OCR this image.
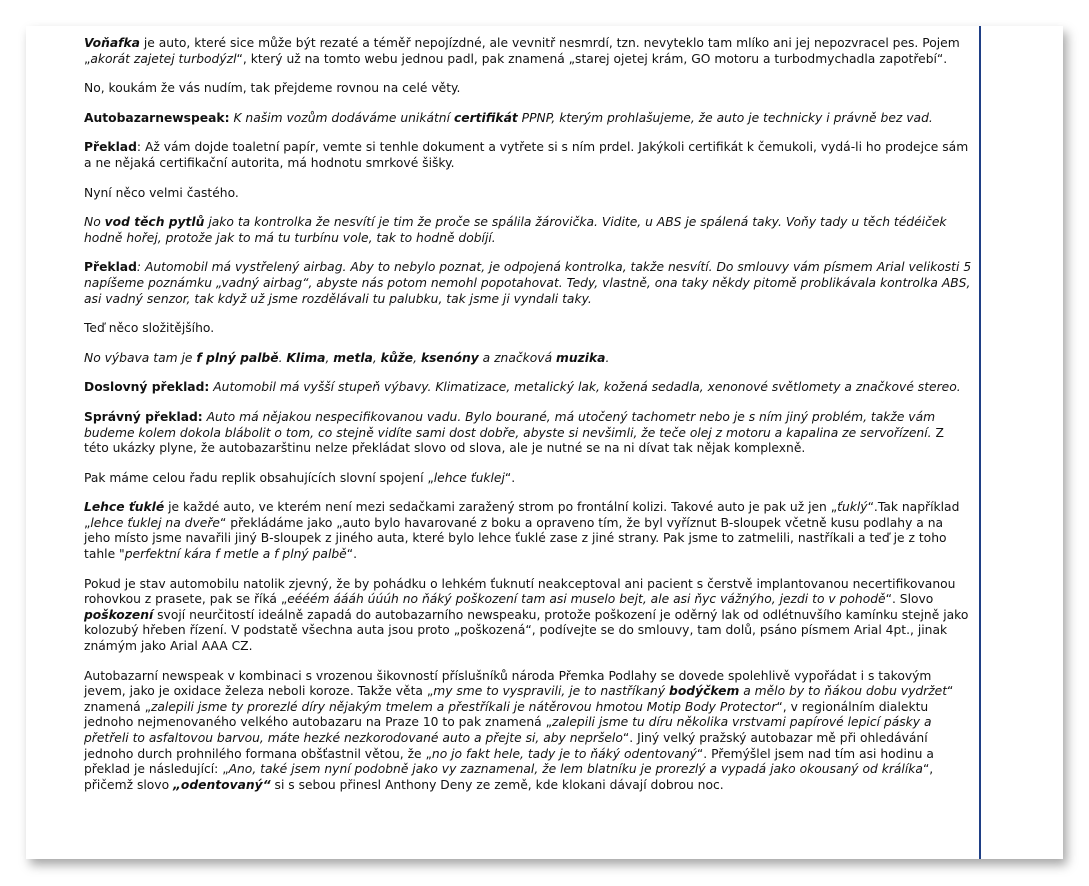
Voňafka je auto, které sice může být rezaté a téměř nepojízdné, ale vevnitř nesmrdí, tzn. nevyteklo tam mlíko ani jej nepozvracel pes. Pojem „akorát zajetej turbodýzl“, který už na tomto webu jednou padl, pak znamená „starej ojetej krám, GO motoru a turbodmychadla zapotřebí“.

No, koukám že vás nudím, tak přejdeme rovnou na celé věty.

Autobazarnewspeak: K našim vozům dodáváme unikátní certifikát PPNP, kterým prohlašujeme, že auto je technicky i právně bez vad.

Překlad: Až vám dojde toaletní papír, vemte si tenhle dokument a vytřete si s ním prdel. Jakýkoli certifikát k čemukoli, vydá-li ho prodejce sám a ne nějaká certifikační autorita, má hodnotu smrkové šišky.

Nyní něco velmi častého.

No vod těch pytlů jako ta kontrolka že nesvítí je tim že proče se spálila žárovička. Vidite, u ABS je spálená taky. Voňy tady u těch tédéiček hodně hořej, protože jak to má tu turbínu vole, tak to hodně dobíjí.

Překlad: Automobil má vystřelený airbag. Aby to nebylo poznat, je odpojená kontrolka, takže nesvítí. Do smlouvy vám písmem Arial velikosti 5 napíšeme poznámku „vadný airbag“, abyste nás potom nemohl popotahovat. Tedy, vlastně, ona taky někdy pitomě problikávala kontrolka ABS, asi vadný senzor, tak když už jsme rozdělávali tu palubku, tak jsme ji vyndali taky.

Teď něco složitějšího.

No výbava tam je f plný palbě. Klima, metla, kůže, ksenóny a značková muzika.

Doslovný překlad: Automobil má vyšší stupeň výbavy. Klimatizace, metalický lak, kožená sedadla, xenonové světlomety a značkové stereo.

Správný překlad: Auto má nějakou nespecifikovanou vadu. Bylo bourané, má utočený tachometr nebo je s ním jiný problém, takže vám budeme kolem dokola blábolit o tom, co stejně vidíte sami dost dobře, abyste si nevšimli, že teče olej z motoru a kapalina ze servořízení. Z této ukázky plyne, že autobazarštinu nelze překládat slovo od slova, ale je nutné se na ni dívat tak nějak komplexně.

Pak máme celou řadu replik obsahujících slovní spojení „lehce ťuklej“.

Lehce ťuklé je každé auto, ve kterém není mezi sedačkami zaražený strom po frontální kolizi. Takové auto je pak už jen „ťuklý“.Tak například „lehce ťuklej na dveře“ překládáme jako „auto bylo havarované z boku a opraveno tím, že byl vyříznut B-sloupek včetně kusu podlahy a na jeho místo jsme navařili jiný B-sloupek z jiného auta, které bylo lehce ťuklé zase z jiné strany. Pak jsme to zatmelili, nastříkali a teď je z toho tahle "perfektní kára f metle a f plný palbě“.

Pokud je stav automobilu natolik zjevný, že by pohádku o lehkém ťuknutí neakceptoval ani pacient s čerstvě implantovanou necertifikovanou rohovkou z prasete, pak se říká „eééém áááh úúúh no ňáký poškození tam asi muselo bejt, ale asi ňyc vážnýho, jezdi to v pohodě“. Slovo poškození svojí neurčitostí ideálně zapadá do autobazarního newspeaku, protože poškození je oděrný lak od odlétnuvšího kamínku stejně jako kolozubý hřeben řízení. V podstatě všechna auta jsou proto „poškozená“, podívejte se do smlouvy, tam dolů, psáno písmem Arial 4pt., jinak známým jako Arial AAA CZ.

Autobazarní newspeak v kombinaci s vrozenou šikovností příslušníků národa Přemka Podlahy se dovede spolehlivě vypořádat i s takovým jevem, jako je oxidace železa neboli koroze. Takže věta „my sme to vyspravili, je to nastříkaný bodýčkem a mělo by to ňákou dobu vydržet“ znamená „zalepili jsme ty prorezlé díry nějakým tmelem a přestříkali je nátěrovou hmotou Motip Body Protector“, v regionálním dialektu jednoho nejmenovaného velkého autobazaru na Praze 10 to pak znamená „zalepili jsme tu díru několika vrstvami papírové lepicí pásky a přetřeli to asfaltovou barvou, máte hezké nezkorodované auto a přejte si, aby nepršelo“. Jiný velký pražský autobazar mě při ohledávání jednoho durch prohnilého formana obšťastnil větou, že „no jo fakt hele, tady je to ňáký odentovaný“. Přemýšlel jsem nad tím asi hodinu a překlad je následující: „Ano, také jsem nyní podobně jako vy zaznamenal, že lem blatníku je prorezlý a vypadá jako okousaný od králíka“, přičemž slovo „odentovaný“ si s sebou přinesl Anthony Deny ze země, kde klokani dávají dobrou noc.
